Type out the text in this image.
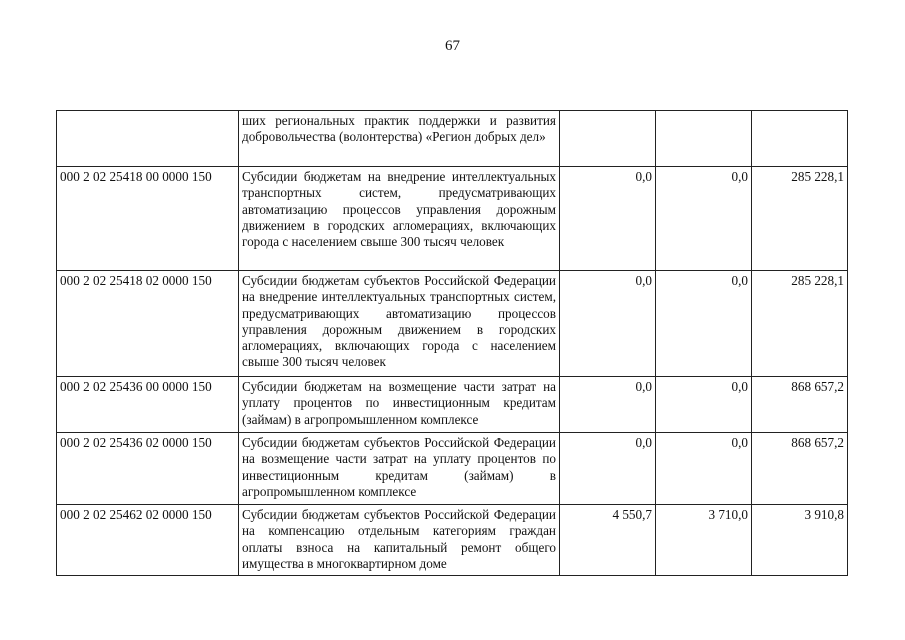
67
	ших региональных практик поддержки и развития добровольчества (волонтерства) «Регион добрых дел»			
000 2 02 25418 00 0000 150	Субсидии бюджетам на внедрение интеллектуальных транспортных систем, предусматривающих автоматизацию процессов управления дорожным движением в городских агломерациях, включающих города с населением свыше 300 тысяч человек	0,0	0,0	285 228,1
000 2 02 25418 02 0000 150	Субсидии бюджетам субъектов Российской Федерации на внедрение интеллектуальных транспортных систем, предусматривающих автоматизацию процессов управления дорожным движением в городских агломерациях, включающих города с населением свыше 300 тысяч человек	0,0	0,0	285 228,1
000 2 02 25436 00 0000 150	Субсидии бюджетам на возмещение части затрат на уплату процентов по инвестиционным кредитам (займам) в агропромышленном комплексе	0,0	0,0	868 657,2
000 2 02 25436 02 0000 150	Субсидии бюджетам субъектов Российской Федерации на возмещение части затрат на уплату процентов по инвестиционным кредитам (займам) в агропромышленном комплексе	0,0	0,0	868 657,2
000 2 02 25462 02 0000 150	Субсидии бюджетам субъектов Российской Федерации на компенсацию отдельным категориям граждан оплаты взноса на капитальный ремонт общего имущества в многоквартирном доме	4 550,7	3 710,0	3 910,8
